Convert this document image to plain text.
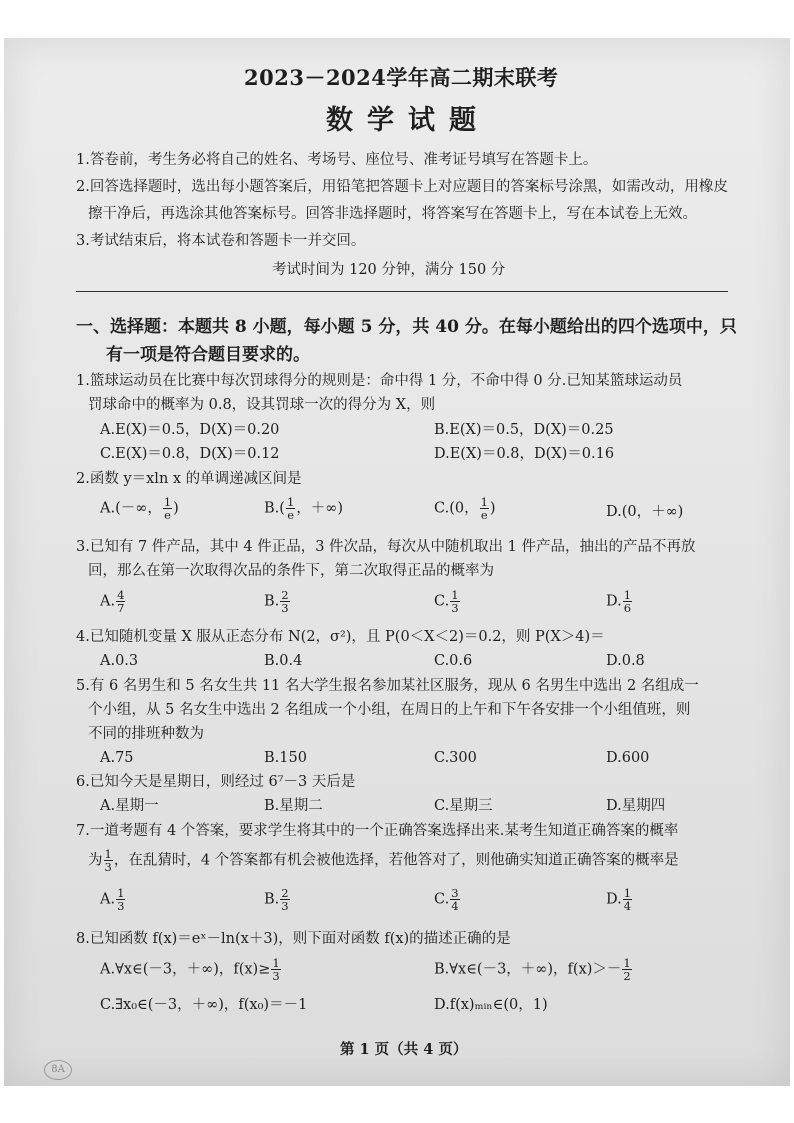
2023－2024学年高二期末联考
数学试题
1.答卷前，考生务必将自己的姓名、考场号、座位号、准考证号填写在答题卡上。
2.回答选择题时，选出每小题答案后，用铅笔把答题卡上对应题目的答案标号涂黑，如需改动，用橡皮
擦干净后，再选涂其他答案标号。回答非选择题时，将答案写在答题卡上，写在本试卷上无效。
3.考试结束后，将本试卷和答题卡一并交回。
考试时间为 120 分钟，满分 150 分
一、选择题：本题共 8 小题，每小题 5 分，共 40 分。在每小题给出的四个选项中，只
有一项是符合题目要求的。
1.篮球运动员在比赛中每次罚球得分的规则是：命中得 1 分，不命中得 0 分.已知某篮球运动员
罚球命中的概率为 0.8，设其罚球一次的得分为 X，则
A.E(X)＝0.5，D(X)＝0.20	B.E(X)＝0.5，D(X)＝0.25
C.E(X)＝0.8，D(X)＝0.12	D.E(X)＝0.8，D(X)＝0.16
2.函数 y＝xln x 的单调递减区间是
A.(－∞， $\frac{1}{e}$ )	$B.( \frac{1}{e}$ ，＋∞)	C.(0， $\frac{1}{e}$ )	D.(0，＋∞)
3.已知有 7 件产品，其中 4 件正品，3 件次品，每次从中随机取出 1 件产品，抽出的产品不再放
回，那么在第一次取得次品的条件下，第二次取得正品的概率为
A. $\frac{4}{7}$	B. $\frac{2}{3}$	C. $\frac{1}{3}$	D. $\frac{1}{6}$
4.已知随机变量 X 服从正态分布 N(2，σ²)，且 P(0＜X＜2)＝0.2，则 P(X＞4)＝
A.0.3	B.0.4	C.0.6	D.0.8
5.有 6 名男生和 5 名女生共 11 名大学生报名参加某社区服务，现从 6 名男生中选出 2 名组成一
个小组，从 5 名女生中选出 2 名组成一个小组，在周日的上午和下午各安排一个小组值班，则
不同的排班种数为
A.75	B.150	C.300	D.600
6.已知今天是星期日，则经过 6⁷－3 天后是
A.星期一	B.星期二	C.星期三	D.星期四
7.一道考题有 4 个答案，要求学生将其中的一个正确答案选择出来.某考生知道正确答案的概率
为 $\frac{1}{3}$ ，在乱猜时，4 个答案都有机会被他选择，若他答对了，则他确实知道正确答案的概率是
A. $\frac{1}{3}$	B. $\frac{2}{3}$	C. $\frac{3}{4}$	D. $\frac{1}{4}$
8.已知函数 f(x)＝eˣ－ln(x＋3)，则下面对函数 f(x)的描述正确的是
A.∀x∈(－3，＋∞)，$f(x)\ge \frac{1}{3}$	B.∀x∈(－3，＋∞)，$f(x)>- \frac{1}{2}$
C.∃x₀∈(－3，＋∞)，f(x₀)＝－1	D.f(x)ₘᵢₙ∈(0，1)
第 1 页（共 4 页）
8A
